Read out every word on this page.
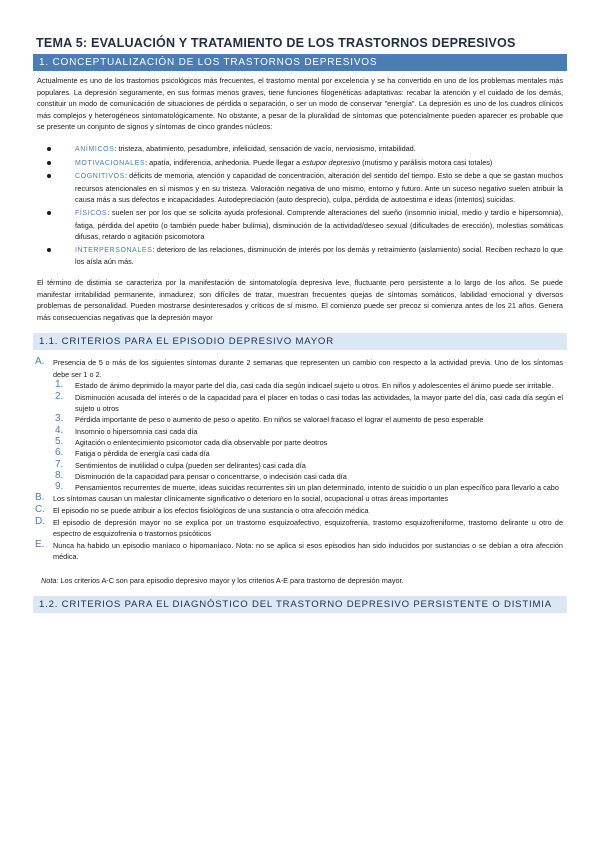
TEMA 5: EVALUACIÓN Y TRATAMIENTO DE LOS TRASTORNOS DEPRESIVOS
1. CONCEPTUALIZACIÓN DE LOS TRASTORNOS DEPRESIVOS

Actualmente es uno de los trastornos psicológicos más frecuentes, el trastorno mental por excelencia y se ha convertido en uno de los problemas mentales más populares. La depresión seguramente, en sus formas menos graves, tiene funciones filogenéticas adaptativas: recabar la atención y el cuidado de los demás, constituir un modo de comunicación de situaciones de pérdida o separación, o ser un modo de conservar "energía". La depresión es uno de los cuadros clínicos más complejos y heterogéneos sintomatológicamente. No obstante, a pesar de la pluralidad de síntomas que potencialmente pueden aparecer es probable que se presente un conjunto de signos y síntomas de cinco grandes núcleos:

ANÍMICOS: tristeza, abatimiento, pesadumbre, infelicidad, sensación de vacío, nerviosismo, irritabilidad.
MOTIVACIONALES: apatía, indiferencia, anhedonia. Puede llegar a estupor depresivo (mutismo y parálisis motora casi totales)
COGNITIVOS: déficits de memoria, atención y capacidad de concentración, alteración del sentido del tiempo. Esto se debe a que se gastan muchos recursos atencionales en sí mismos y en su tristeza. Valoración negativa de uno mismo, entorno y futuro. Ante un suceso negativo suelen atribuir la causa más a sus defectos e incapacidades. Autodepreciación (auto desprecio), culpa, pérdida de autoestima e ideas (intentos) suicidas.
FÍSICOS: suelen ser por los que se solicita ayuda profesional. Comprende alteraciones del sueño (insomnio inicial, medio y tardío e hipersomnia), fatiga, pérdida del apetito (o también puede haber bulimia), disminución de la actividad/deseo sexual (dificultades de erección), molestias somáticas difusas, retardo o agitación psicomotora
INTERPERSONALES: deterioro de las relaciones, disminución de interés por los demás y retraimiento (aislamiento) social. Reciben rechazo lo que los aísla aún más.

El término de distimia se caracteriza por la manifestación de sintomatología depresiva leve, fluctuante pero persistente a lo largo de los años. Se puede manifestar irritabilidad permanente, inmadurez, son difíciles de tratar, muestran frecuentes quejas de síntomas somáticos, labilidad emocional y diversos problemas de personalidad. Pueden mostrarse desinteresados y críticos de sí mismo. El comienzo puede ser precoz si comienza antes de los 21 años. Genera más consecuencias negativas que la depresión mayor

1.1. CRITERIOS PARA EL EPISODIO DEPRESIVO MAYOR
A. Presencia de 5 o más de los siguientes síntomas durante 2 semanas que representen un cambio con respecto a la actividad previa. Uno de los síntomas debe ser 1 o 2.
1. Estado de ánimo deprimido la mayor parte del día, casi cada día según indicael sujeto u otros. En niños y adolescentes el ánimo puede ser irritable.
2. Disminución acusada del interés o de la capacidad para el placer en todas o casi todas las actividades, la mayor parte del día, casi cada día según el sujeto u otros
3. Pérdida importante de peso o aumento de peso o apetito. En niños se valorael fracaso el lograr el aumento de peso esperable
4. Insomnio o hipersomnia casi cada día
5. Agitación o enlentecimiento psicomotor cada día observable por parte deotros
6. Fatiga o pérdida de energía casi cada día
7. Sentimientos de inutilidad o culpa (pueden ser delirantes) casi cada día
8. Disminución de la capacidad para pensar o concentrarse, o indecisión casi cada día
9. Pensamientos recurrentes de muerte, ideas suicidas recurrentes sin un plan determinado, intento de suicidio o un plan específico para llevarlo a cabo
B. Los síntomas causan un malestar clínicamente significativo o deterioro en lo social, ocupacional u otras áreas importantes
C. El episodio no se puede atribuir a los efectos fisiológicos de una sustancia o otra afección médica
D. El episodio de depresión mayor no se explica por un trastorno esquizoafectivo, esquizofrenia, trastorno esquizofreniforme, trastorno delirante u otro de espectro de esquizofrenia o trastornos psicóticos
E. Nunca ha habido un episodio maníaco o hipomaníaco. Nota: no se aplica si esos episodios han sido inducidos por sustancias o se debían a otra afección médica.
Nota: Los criterios A-C son para episodio depresivo mayor y los criterios A-E para trastorno de depresión mayor.
1.2. CRITERIOS PARA EL DIAGNÓSTICO DEL TRASTORNO DEPRESIVO PERSISTENTE O DISTIMIA
